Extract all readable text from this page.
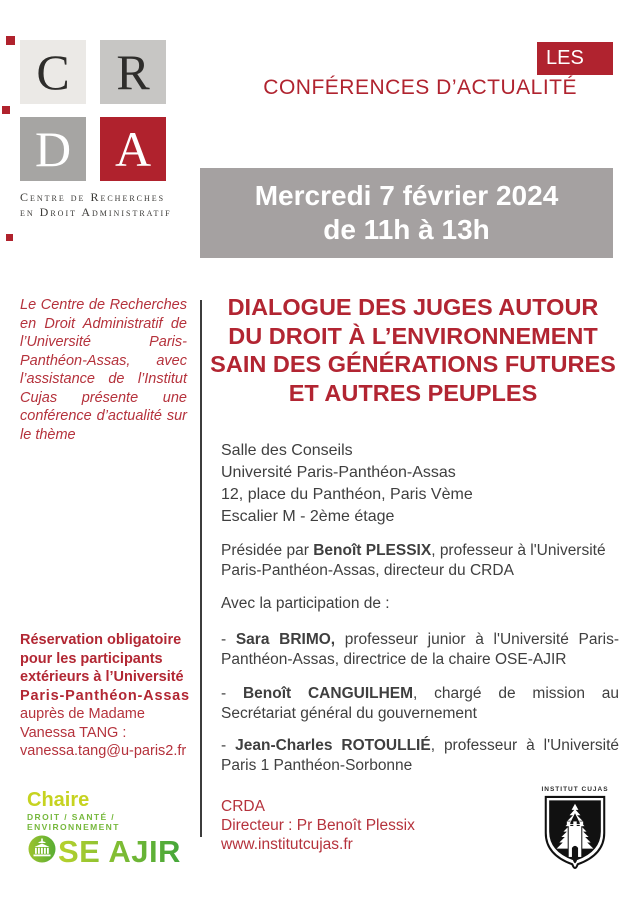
C R
D A
Centre de Recherches
en Droit Administratif
LES
CONFÉRENCES D’ACTUALITÉ
Mercredi 7 février 2024
de 11h à 13h
Le Centre de Recherches en Droit Administratif de l’Université Paris-Panthéon-Assas, avec l’assistance de l’Institut Cujas présente une conférence d’actualité sur le thème
DIALOGUE DES JUGES AUTOUR
DU DROIT À L’ENVIRONNEMENT
SAIN DES GÉNÉRATIONS FUTURES
ET AUTRES PEUPLES
Salle des Conseils
Université Paris-Panthéon-Assas
12, place du Panthéon, Paris Vème
Escalier M - 2ème étage
Présidée par Benoît PLESSIX, professeur à l'Université Paris-Panthéon-Assas, directeur du CRDA
Avec la participation de :
- Sara BRIMO, professeur junior à l'Université Paris-Panthéon-Assas, directrice de la chaire OSE-AJIR
- Benoît CANGUILHEM, chargé de mission au Secrétariat général du gouvernement
- Jean-Charles ROTOULLIÉ, professeur à l'Université Paris 1 Panthéon-Sorbonne
Réservation obligatoire
pour les participants
extérieurs à l’Université
Paris-Panthéon-Assas
auprès de Madame
Vanessa TANG :
vanessa.tang@u-paris2.fr
Chaire
DROIT / SANTÉ / ENVIRONNEMENT
SE AJIR
CRDA
Directeur : Pr Benoît Plessix
www.institutcujas.fr
INSTITUT CUJAS
